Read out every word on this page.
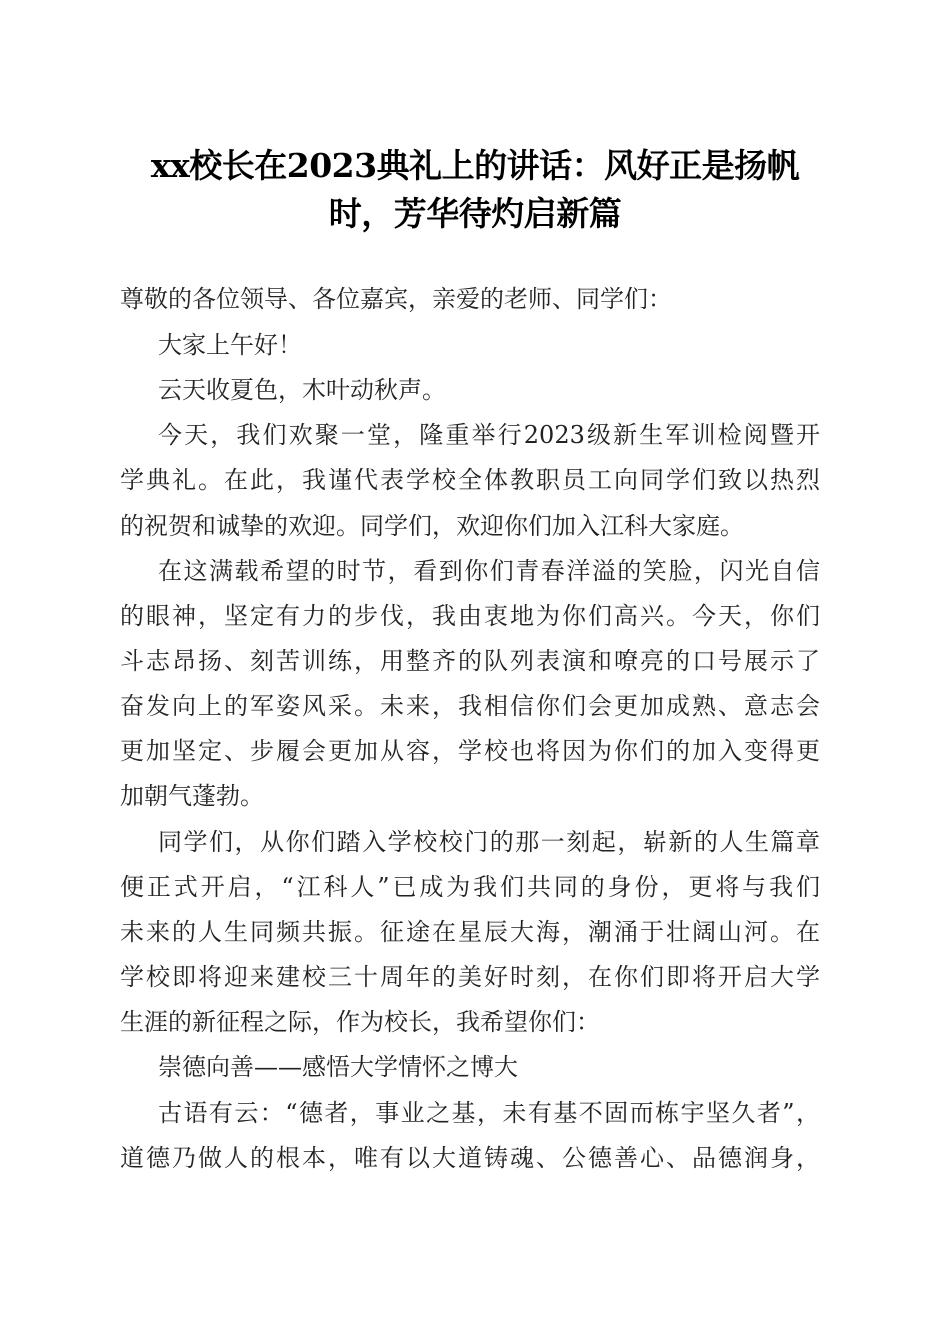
xx校长在2023典礼上的讲话：风好正是扬帆
时，芳华待灼启新篇
尊敬的各位领导、各位嘉宾，亲爱的老师、同学们：
大家上午好！
云天收夏色，木叶动秋声。
今天，我们欢聚一堂，隆重举行2023级新生军训检阅暨开
学典礼。在此，我谨代表学校全体教职员工向同学们致以热烈
的祝贺和诚挚的欢迎。同学们，欢迎你们加入江科大家庭。
在这满载希望的时节，看到你们青春洋溢的笑脸，闪光自信
的眼神，坚定有力的步伐，我由衷地为你们高兴。今天，你们
斗志昂扬、刻苦训练，用整齐的队列表演和嘹亮的口号展示了
奋发向上的军姿风采。未来，我相信你们会更加成熟、意志会
更加坚定、步履会更加从容，学校也将因为你们的加入变得更
加朝气蓬勃。
同学们，从你们踏入学校校门的那一刻起，崭新的人生篇章
便正式开启，“江科人”已成为我们共同的身份，更将与我们
未来的人生同频共振。征途在星辰大海，潮涌于壮阔山河。在
学校即将迎来建校三十周年的美好时刻，在你们即将开启大学
生涯的新征程之际，作为校长，我希望你们：
崇德向善——感悟大学情怀之博大
古语有云：“德者，事业之基，未有基不固而栋宇坚久者”，
道德乃做人的根本，唯有以大道铸魂、公德善心、品德润身，
